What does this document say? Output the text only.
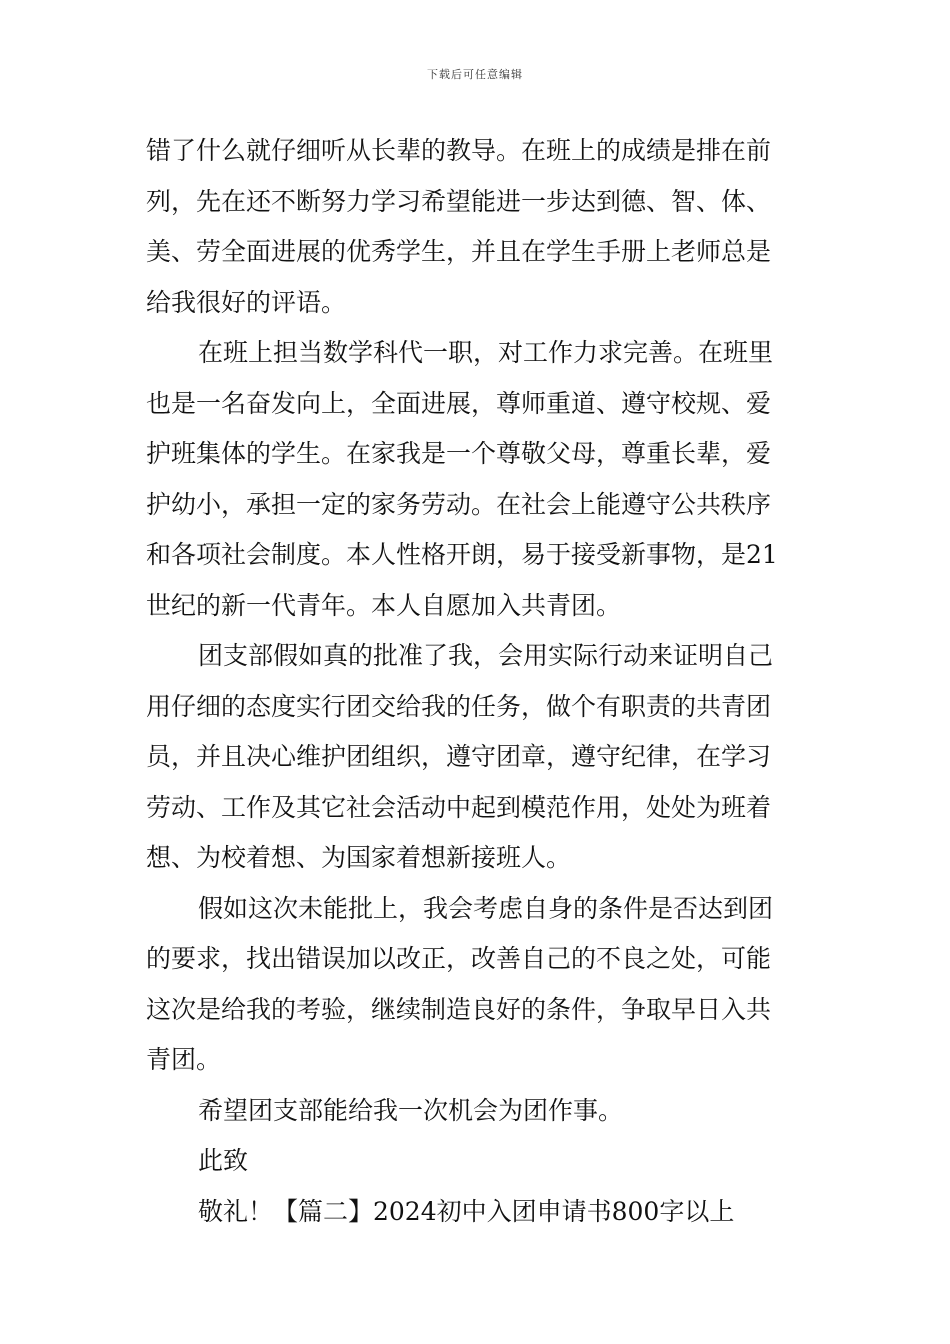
下载后可任意编辑
错了什么就仔细听从长辈的教导。在班上的成绩是排在前
列，先在还不断努力学习希望能进一步达到德、智、体、
美、劳全面进展的优秀学生，并且在学生手册上老师总是
给我很好的评语。
在班上担当数学科代一职，对工作力求完善。在班里
也是一名奋发向上，全面进展，尊师重道、遵守校规、爱
护班集体的学生。在家我是一个尊敬父母，尊重长辈，爱
护幼小，承担一定的家务劳动。在社会上能遵守公共秩序
和各项社会制度。本人性格开朗，易于接受新事物，是21
世纪的新一代青年。本人自愿加入共青团。
团支部假如真的批准了我，会用实际行动来证明自己
用仔细的态度实行团交给我的任务，做个有职责的共青团
员，并且决心维护团组织，遵守团章，遵守纪律，在学习
劳动、工作及其它社会活动中起到模范作用，处处为班着
想、为校着想、为国家着想新接班人。
假如这次未能批上，我会考虑自身的条件是否达到团
的要求，找出错误加以改正，改善自己的不良之处，可能
这次是给我的考验，继续制造良好的条件，争取早日入共
青团。
希望团支部能给我一次机会为团作事。
此致
敬礼！【篇二】2024初中入团申请书800字以上
